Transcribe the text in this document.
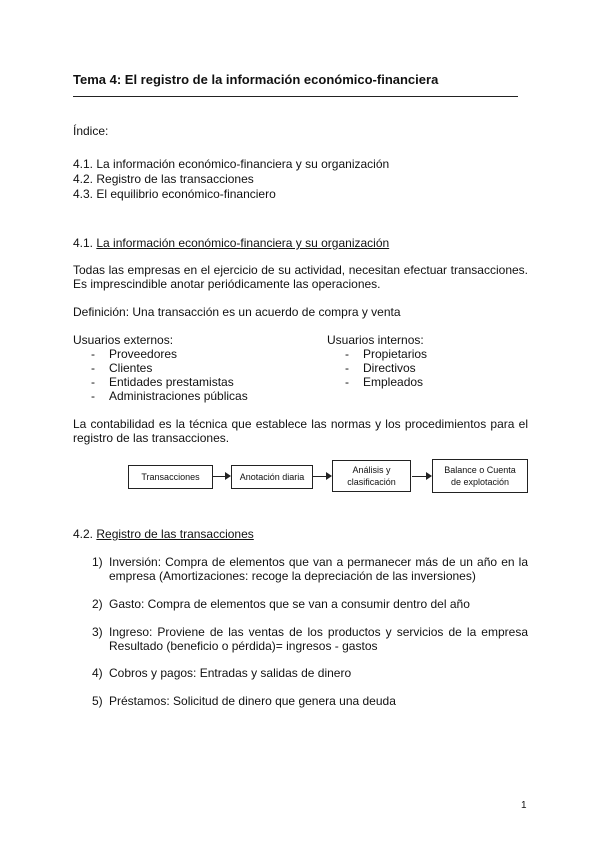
Tema 4: El registro de la información económico-financiera
Índice:
4.1. La información económico-financiera y su organización
4.2. Registro de las transacciones
4.3. El equilibrio económico-financiero
4.1. La información económico-financiera y su organización
Todas las empresas en el ejercicio de su actividad, necesitan efectuar transacciones. Es imprescindible anotar periódicamente las operaciones.
Definición: Una transacción es un acuerdo de compra y venta
Usuarios externos:
- Proveedores
- Clientes
- Entidades prestamistas
- Administraciones públicas
Usuarios internos:
- Propietarios
- Directivos
- Empleados
La contabilidad es la técnica que establece las normas y los procedimientos para el registro de las transacciones.
Transacciones	Anotación diaria
Análisis y clasificación
Balance o Cuenta de explotación
4.2. Registro de las transacciones
1) Inversión: Compra de elementos que van a permanecer más de un año en la empresa (Amortizaciones: recoge la depreciación de las inversiones)
2) Gasto: Compra de elementos que se van a consumir dentro del año
3) Ingreso: Proviene de las ventas de los productos y servicios de la empresa Resultado (beneficio o pérdida)= ingresos - gastos
4) Cobros y pagos: Entradas y salidas de dinero
5) Préstamos: Solicitud de dinero que genera una deuda
1
